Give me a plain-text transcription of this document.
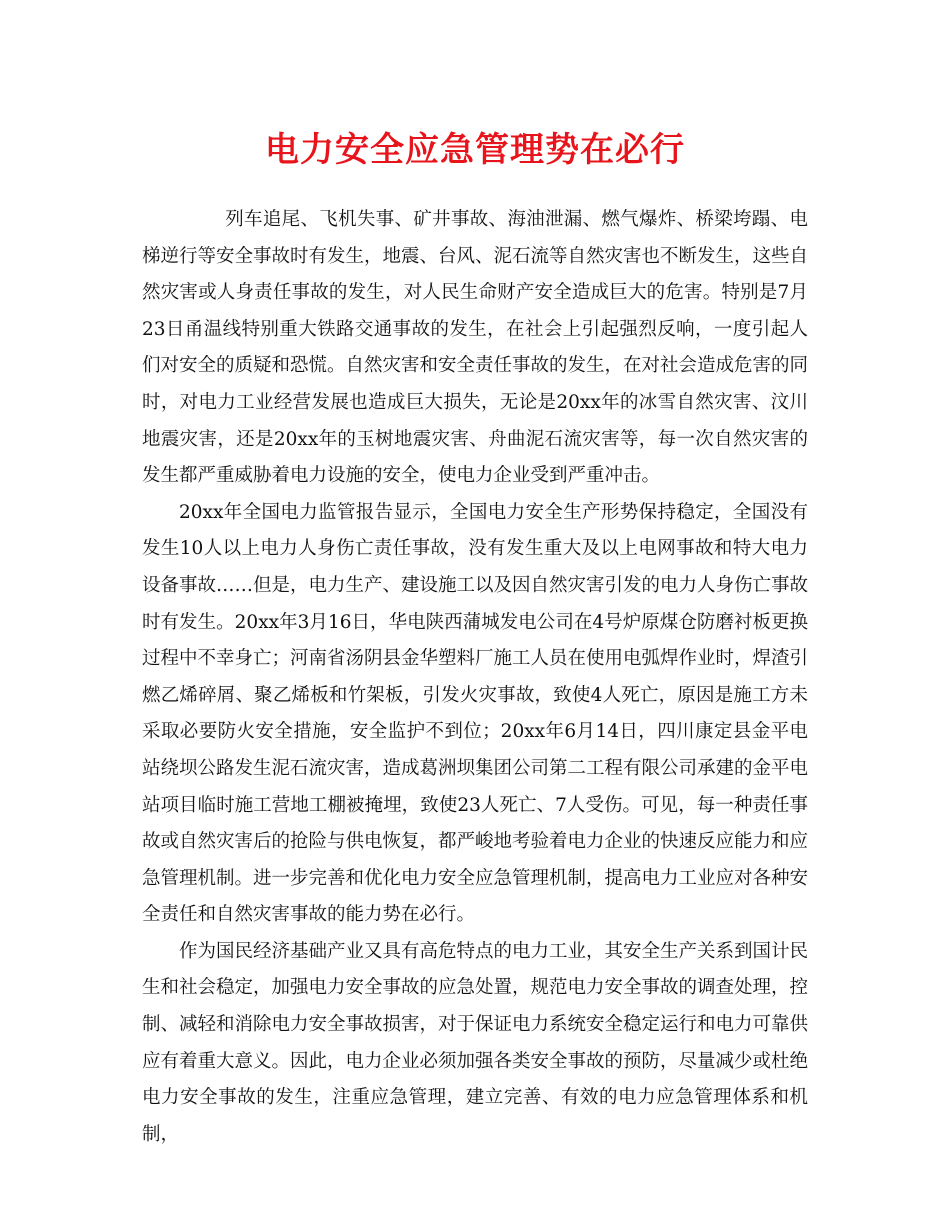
电力安全应急管理势在必行

列车追尾、飞机失事、矿井事故、海油泄漏、燃气爆炸、桥梁垮蹋、电梯逆行等安全事故时有发生，地震、台风、泥石流等自然灾害也不断发生，这些自然灾害或人身责任事故的发生，对人民生命财产安全造成巨大的危害。特别是7月23日甬温线特别重大铁路交通事故的发生，在社会上引起强烈反响，一度引起人们对安全的质疑和恐慌。自然灾害和安全责任事故的发生，在对社会造成危害的同时，对电力工业经营发展也造成巨大损失，无论是20xx年的冰雪自然灾害、汶川地震灾害，还是20xx年的玉树地震灾害、舟曲泥石流灾害等，每一次自然灾害的发生都严重威胁着电力设施的安全，使电力企业受到严重冲击。

20xx年全国电力监管报告显示，全国电力安全生产形势保持稳定，全国没有发生10人以上电力人身伤亡责任事故，没有发生重大及以上电网事故和特大电力设备事故……但是，电力生产、建设施工以及因自然灾害引发的电力人身伤亡事故时有发生。20xx年3月16日，华电陕西蒲城发电公司在4号炉原煤仓防磨衬板更换过程中不幸身亡；河南省汤阴县金华塑料厂施工人员在使用电弧焊作业时，焊渣引燃乙烯碎屑、聚乙烯板和竹架板，引发火灾事故，致使4人死亡，原因是施工方未采取必要防火安全措施，安全监护不到位；20xx年6月14日，四川康定县金平电站绕坝公路发生泥石流灾害，造成葛洲坝集团公司第二工程有限公司承建的金平电站项目临时施工营地工棚被掩埋，致使23人死亡、7人受伤。可见，每一种责任事故或自然灾害后的抢险与供电恢复，都严峻地考验着电力企业的快速反应能力和应急管理机制。进一步完善和优化电力安全应急管理机制，提高电力工业应对各种安全责任和自然灾害事故的能力势在必行。

作为国民经济基础产业又具有高危特点的电力工业，其安全生产关系到国计民生和社会稳定，加强电力安全事故的应急处置，规范电力安全事故的调查处理，控制、减轻和消除电力安全事故损害，对于保证电力系统安全稳定运行和电力可靠供应有着重大意义。因此，电力企业必须加强各类安全事故的预防，尽量减少或杜绝电力安全事故的发生，注重应急管理，建立完善、有效的电力应急管理体系和机制，
